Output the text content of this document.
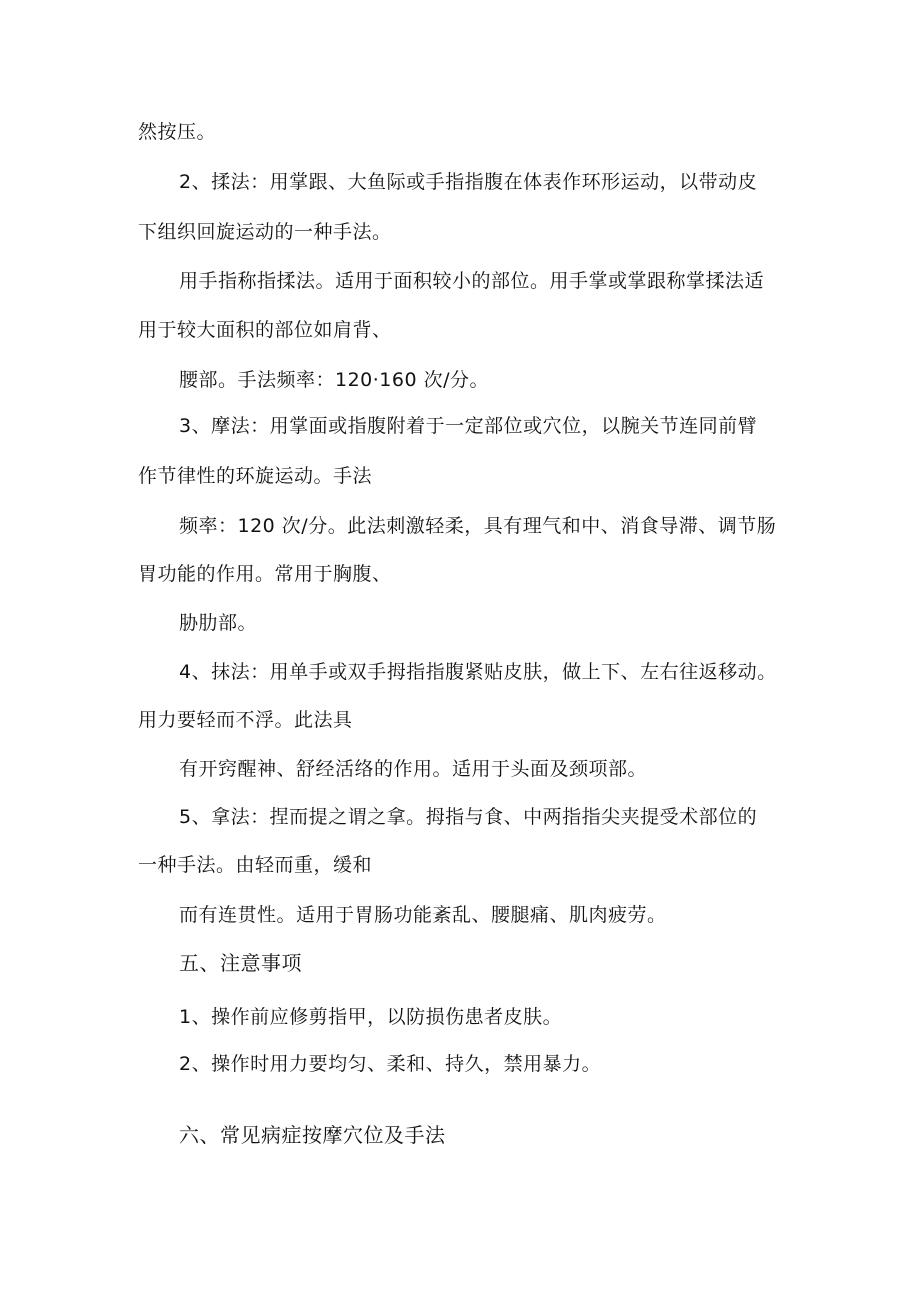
然按压。
2、揉法：用掌跟、大鱼际或手指指腹在体表作环形运动，以带动皮
下组织回旋运动的一种手法。
用手指称指揉法。适用于面积较小的部位。用手掌或掌跟称掌揉法适
用于较大面积的部位如肩背、
腰部。手法频率：120·160 次/分。
3、摩法：用掌面或指腹附着于一定部位或穴位，以腕关节连同前臂
作节律性的环旋运动。手法
频率：120 次/分。此法刺激轻柔，具有理气和中、消食导滞、调节肠
胃功能的作用。常用于胸腹、
胁肋部。
4、抹法：用单手或双手拇指指腹紧贴皮肤，做上下、左右往返移动。
用力要轻而不浮。此法具
有开窍醒神、舒经活络的作用。适用于头面及颈项部。
5、拿法：捏而提之谓之拿。拇指与食、中两指指尖夹提受术部位的
一种手法。由轻而重，缓和
而有连贯性。适用于胃肠功能紊乱、腰腿痛、肌肉疲劳。
五、注意事项
1、操作前应修剪指甲，以防损伤患者皮肤。
2、操作时用力要均匀、柔和、持久，禁用暴力。
六、常见病症按摩穴位及手法
